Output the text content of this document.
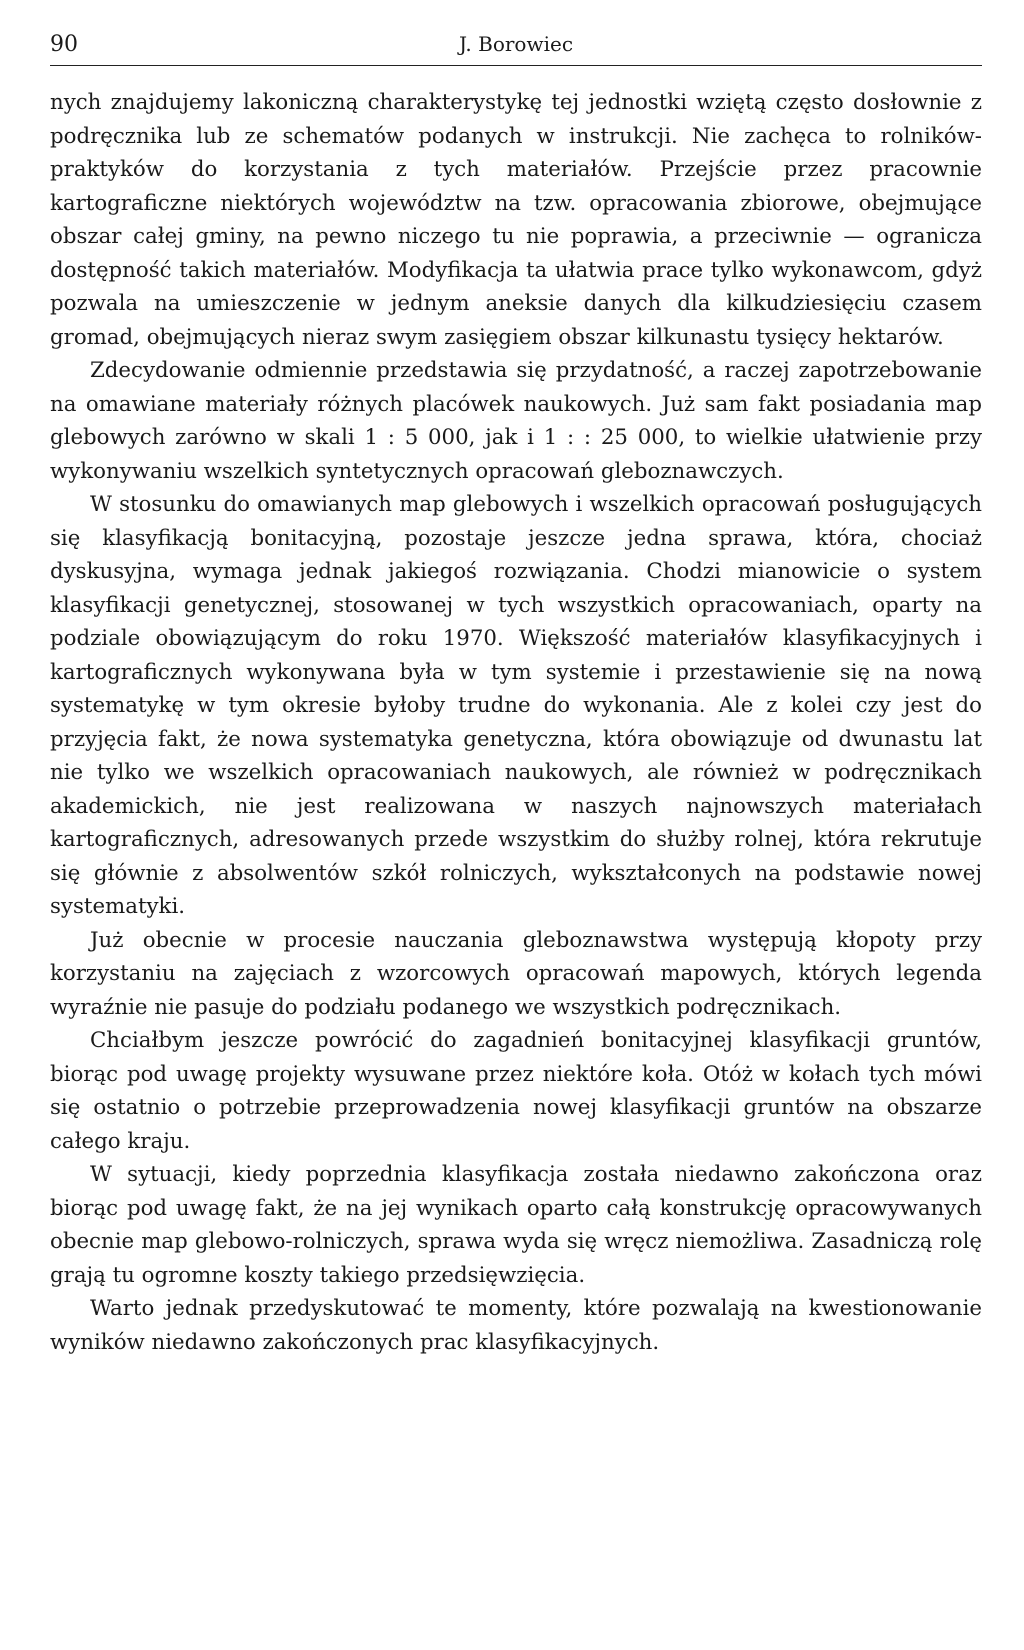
90	J. Borowiec

nych znajdujemy lakoniczną charakterystykę tej jednostki wziętą często dosłownie z podręcznika lub ze schematów podanych w instrukcji. Nie zachęca to rolników-praktyków do korzystania z tych materiałów. Przejście przez pracownie kartograficzne niektórych województw na tzw. opracowania zbiorowe, obejmujące obszar całej gminy, na pewno niczego tu nie poprawia, a przeciwnie — ogranicza dostępność takich materiałów. Modyfikacja ta ułatwia prace tylko wykonawcom, gdyż pozwala na umieszczenie w jednym aneksie danych dla kilkudziesięciu czasem gromad, obejmujących nieraz swym zasięgiem obszar kilkunastu tysięcy hektarów.

Zdecydowanie odmiennie przedstawia się przydatność, a raczej zapotrzebowanie na omawiane materiały różnych placówek naukowych. Już sam fakt posiadania map glebowych zarówno w skali 1 : 5 000, jak i 1 : : 25 000, to wielkie ułatwienie przy wykonywaniu wszelkich syntetycznych opracowań gleboznawczych.

W stosunku do omawianych map glebowych i wszelkich opracowań posługujących się klasyfikacją bonitacyjną, pozostaje jeszcze jedna sprawa, która, chociaż dyskusyjna, wymaga jednak jakiegoś rozwiązania. Chodzi mianowicie o system klasyfikacji genetycznej, stosowanej w tych wszystkich opracowaniach, oparty na podziale obowiązującym do roku 1970. Większość materiałów klasyfikacyjnych i kartograficznych wykonywana była w tym systemie i przestawienie się na nową systematykę w tym okresie byłoby trudne do wykonania. Ale z kolei czy jest do przyjęcia fakt, że nowa systematyka genetyczna, która obowiązuje od dwunastu lat nie tylko we wszelkich opracowaniach naukowych, ale również w podręcznikach akademickich, nie jest realizowana w naszych najnowszych materiałach kartograficznych, adresowanych przede wszystkim do służby rolnej, która rekrutuje się głównie z absolwentów szkół rolniczych, wykształconych na podstawie nowej systematyki.

Już obecnie w procesie nauczania gleboznawstwa występują kłopoty przy korzystaniu na zajęciach z wzorcowych opracowań mapowych, których legenda wyraźnie nie pasuje do podziału podanego we wszystkich podręcznikach.

Chciałbym jeszcze powrócić do zagadnień bonitacyjnej klasyfikacji gruntów, biorąc pod uwagę projekty wysuwane przez niektóre koła. Otóż w kołach tych mówi się ostatnio o potrzebie przeprowadzenia nowej klasyfikacji gruntów na obszarze całego kraju.

W sytuacji, kiedy poprzednia klasyfikacja została niedawno zakończona oraz biorąc pod uwagę fakt, że na jej wynikach oparto całą konstrukcję opracowywanych obecnie map glebowo-rolniczych, sprawa wyda się wręcz niemożliwa. Zasadniczą rolę grają tu ogromne koszty takiego przedsięwzięcia.

Warto jednak przedyskutować te momenty, które pozwalają na kwestionowanie wyników niedawno zakończonych prac klasyfikacyjnych.
